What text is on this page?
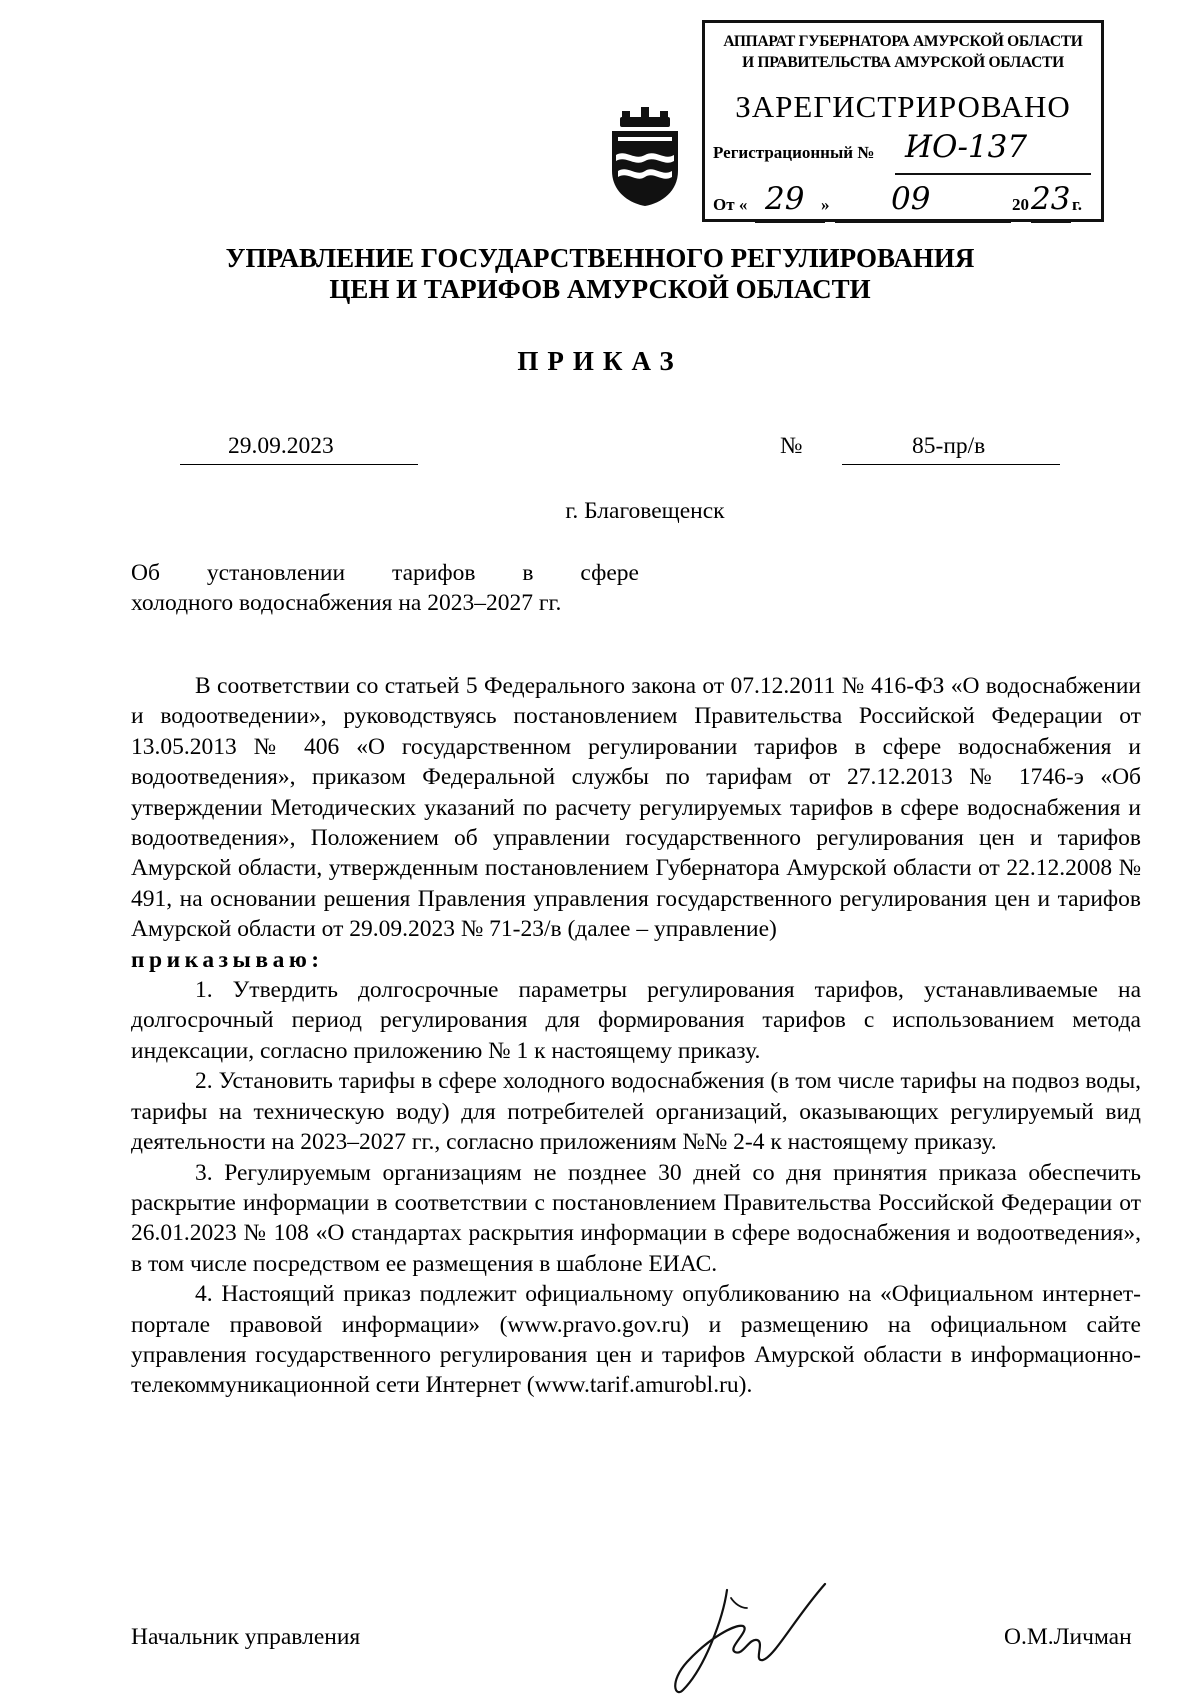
АППАРАТ ГУБЕРНАТОРА АМУРСКОЙ ОБЛАСТИ
И ПРАВИТЕЛЬСТВА АМУРСКОЙ ОБЛАСТИ
ЗАРЕГИСТРИРОВАНО
Регистрационный № ИО-137
От « 29 » 09	20 23 г.
УПРАВЛЕНИЕ ГОСУДАРСТВЕННОГО РЕГУЛИРОВАНИЯ
ЦЕН И ТАРИФОВ АМУРСКОЙ ОБЛАСТИ
ПРИКАЗ
29.09.2023	№	85-пр/в
г. Благовещенск
Об установлении тарифов в сфере
холодного водоснабжения на 2023–2027 гг.

В соответствии со статьей 5 Федерального закона от 07.12.2011 № 416-ФЗ «О водоснабжении и водоотведении», руководствуясь постановлением Правительства Российской Федерации от 13.05.2013 № 406 «О государственном регулировании тарифов в сфере водоснабжения и водоотведения», приказом Федеральной службы по тарифам от 27.12.2013 № 1746-э «Об утверждении Методических указаний по расчету регулируемых тарифов в сфере водоснабжения и водоотведения», Положением об управлении государственного регулирования цен и тарифов Амурской области, утвержденным постановлением Губернатора Амурской области от 22.12.2008 № 491, на основании решения Правления управления государственного регулирования цен и тарифов Амурской области от 29.09.2023 № 71-23/в (далее – управление)

приказываю:

1. Утвердить долгосрочные параметры регулирования тарифов, устанавливаемые на долгосрочный период регулирования для формирования тарифов с использованием метода индексации, согласно приложению № 1 к настоящему приказу.

2. Установить тарифы в сфере холодного водоснабжения (в том числе тарифы на подвоз воды, тарифы на техническую воду) для потребителей организаций, оказывающих регулируемый вид деятельности на 2023–2027 гг., согласно приложениям №№ 2-4 к настоящему приказу.

3. Регулируемым организациям не позднее 30 дней со дня принятия приказа обеспечить раскрытие информации в соответствии с постановлением Правительства Российской Федерации от 26.01.2023 № 108 «О стандартах раскрытия информации в сфере водоснабжения и водоотведения», в том числе посредством ее размещения в шаблоне ЕИАС.

4. Настоящий приказ подлежит официальному опубликованию на «Официальном интернет-портале правовой информации» (www.pravo.gov.ru) и размещению на официальном сайте управления государственного регулирования цен и тарифов Амурской области в информационно-телекоммуникационной сети Интернет (www.tarif.amurobl.ru).

Начальник управления	О.М.Личман
